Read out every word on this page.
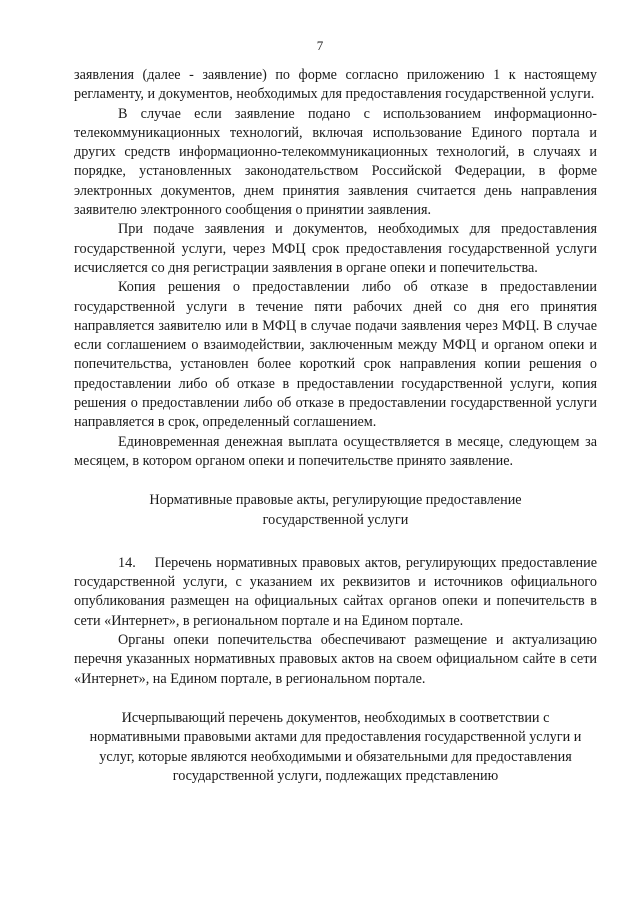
7

заявления (далее - заявление) по форме согласно приложению 1 к настоящему регламенту, и документов, необходимых для предоставления государственной услуги.

В случае если заявление подано с использованием информационно-телекоммуникационных технологий, включая использование Единого портала и других средств информационно-телекоммуникационных технологий, в случаях и порядке, установленных законодательством Российской Федерации, в форме электронных документов, днем принятия заявления считается день направления заявителю электронного сообщения о принятии заявления.

При подаче заявления и документов, необходимых для предоставления государственной услуги, через МФЦ срок предоставления государственной услуги исчисляется со дня регистрации заявления в органе опеки и попечительства.

Копия решения о предоставлении либо об отказе в предоставлении государственной услуги в течение пяти рабочих дней со дня его принятия направляется заявителю или в МФЦ в случае подачи заявления через МФЦ. В случае если соглашением о взаимодействии, заключенным между МФЦ и органом опеки и попечительства, установлен более короткий срок направления копии решения о предоставлении либо об отказе в предоставлении государственной услуги, копия решения о предоставлении либо об отказе в предоставлении государственной услуги направляется в срок, определенный соглашением.

Единовременная денежная выплата осуществляется в месяце, следующем за месяцем, в котором органом опеки и попечительстве принято заявление.

Нормативные правовые акты, регулирующие предоставление государственной услуги

14.  Перечень нормативных правовых актов, регулирующих предоставление государственной услуги, с указанием их реквизитов и источников официального опубликования размещен на официальных сайтах органов опеки и попечительств в сети «Интернет», в региональном портале и на Едином портале.

Органы опеки попечительства обеспечивают размещение и актуализацию перечня указанных нормативных правовых актов на своем официальном сайте в сети «Интернет», на Едином портале, в региональном портале.

Исчерпывающий перечень документов, необходимых в соответствии с нормативными правовыми актами для предоставления государственной услуги и услуг, которые являются необходимыми и обязательными для предоставления государственной услуги, подлежащих представлению
